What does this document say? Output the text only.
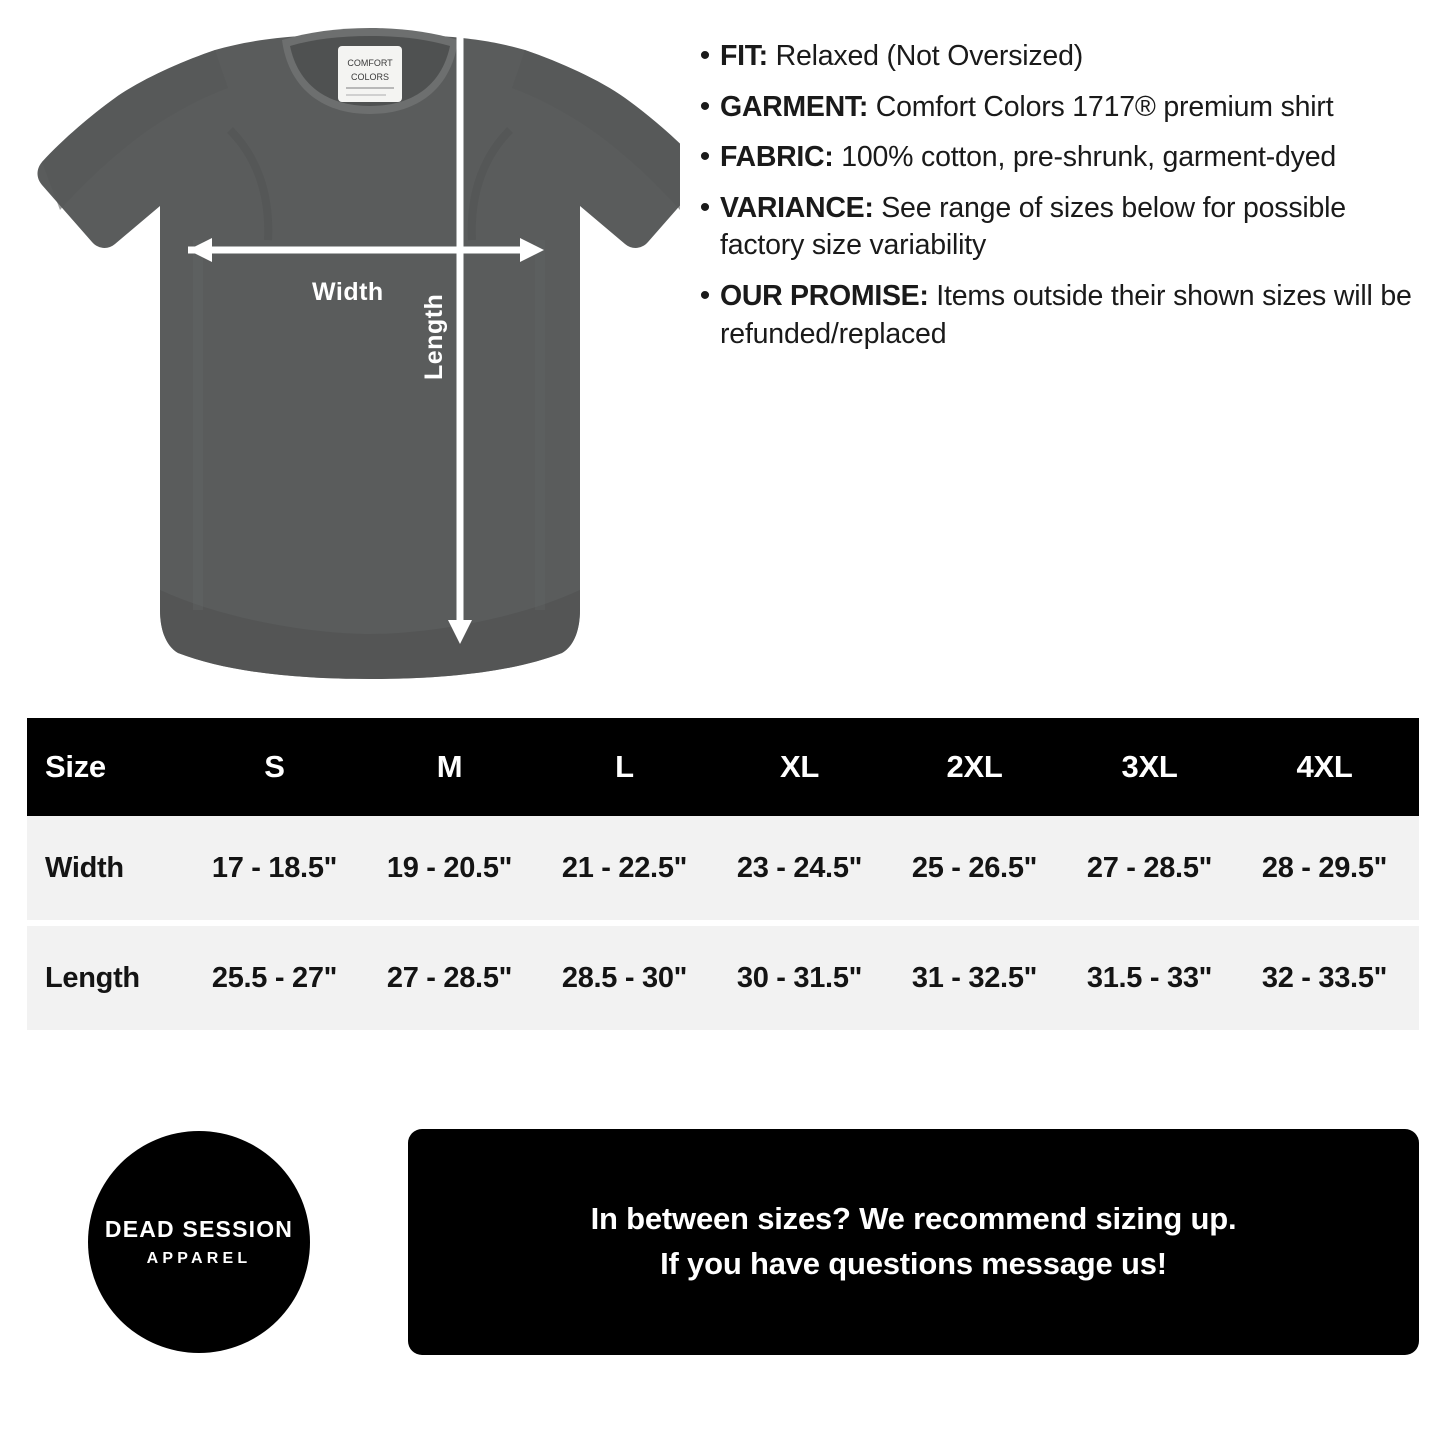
COMFORT
COLORS
Width
Length
• FIT: Relaxed (Not Oversized)
• GARMENT: Comfort Colors 1717® premium shirt
• FABRIC: 100% cotton, pre-shrunk, garment-dyed
• VARIANCE: See range of sizes below for possible factory size variability
• OUR PROMISE: Items outside their shown sizes will be refunded/replaced
Size	S	M	L	XL	2XL	3XL	4XL
Width	17 - 18.5"	19 - 20.5"	21 - 22.5"	23 - 24.5"	25 - 26.5"	27 - 28.5"	28 - 29.5"
Length	25.5 - 27"	27 - 28.5"	28.5 - 30"	30 - 31.5"	31 - 32.5"	31.5 - 33"	32 - 33.5"
DEAD SESSION
APPAREL
In between sizes? We recommend sizing up.
If you have questions message us!
